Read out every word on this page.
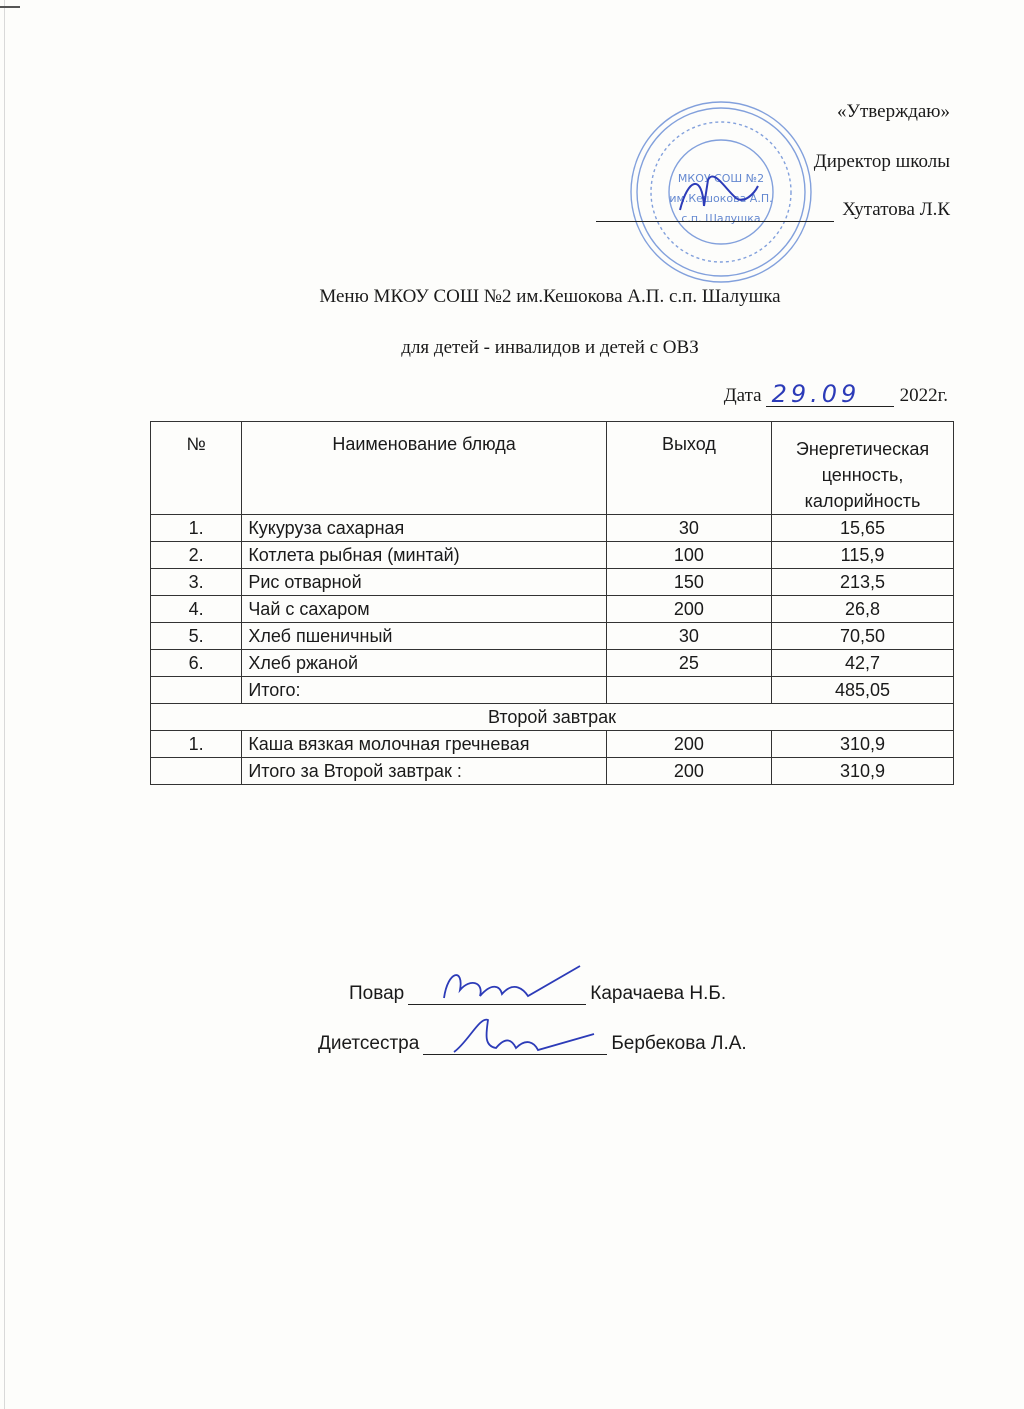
МКОУ СОШ №2
им.Кешокова А.П.
с.п. Шалушка
«Утверждаю»
Директор школы
Хутатова Л.К
Меню МКОУ СОШ №2 им.Кешокова А.П. с.п. Шалушка
для детей - инвалидов и детей с ОВЗ
Дата 29.09 2022г.
№	Наименование блюда	Выход	Энергетическая ценность, калорийность
1.	Кукуруза сахарная	30	15,65
2.	Котлета рыбная (минтай)	100	115,9
3.	Рис отварной	150	213,5
4.	Чай с сахаром	200	26,8
5.	Хлеб пшеничный	30	70,50
6.	Хлеб ржаной	25	42,7
	Итого:		485,05
Второй завтрак			
1.	Каша вязкая молочная гречневая	200	310,9
	Итого за Второй завтрак :	200	310,9
Повар	Карачаева Н.Б.
Диетсестра	Бербекова Л.А.
